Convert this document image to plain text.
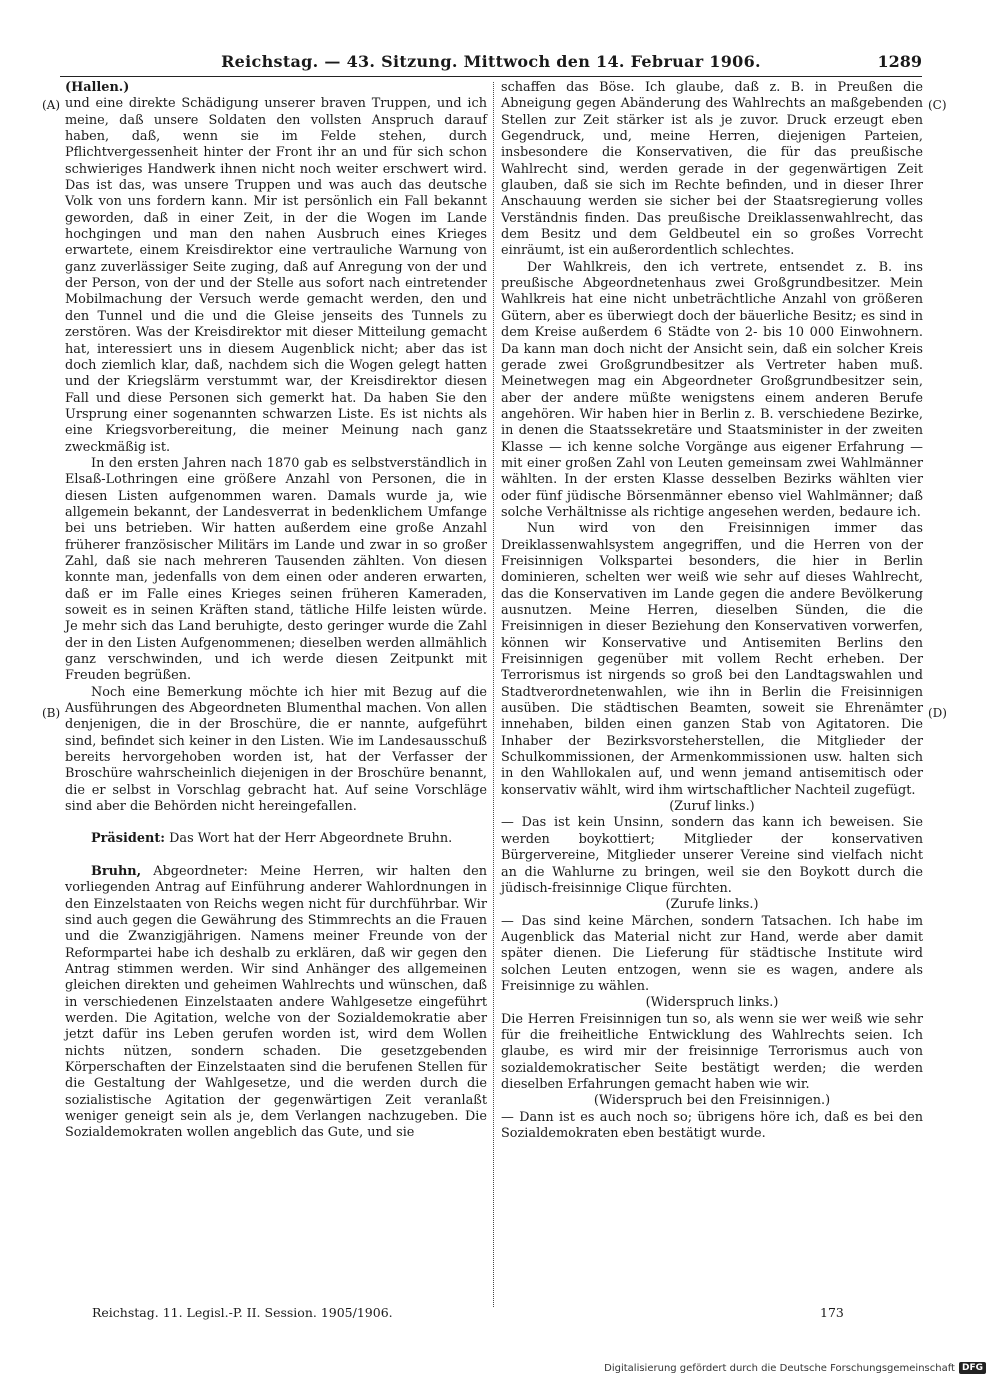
Reichstag. — 43. Sitzung. Mittwoch den 14. Februar 1906.	1289
(A)
(B)
(C)
(D)

(Hallen.)

und eine direkte Schädigung unserer braven Truppen, und ich meine, daß unsere Soldaten den vollsten Anspruch darauf haben, daß, wenn sie im Felde stehen, durch Pflichtvergessenheit hinter der Front ihr an und für sich schon schwieriges Handwerk ihnen nicht noch weiter erschwert wird. Das ist das, was unsere Truppen und was auch das deutsche Volk von uns fordern kann. Mir ist persönlich ein Fall bekannt geworden, daß in einer Zeit, in der die Wogen im Lande hochgingen und man den nahen Ausbruch eines Krieges erwartete, einem Kreisdirektor eine vertrauliche Warnung von ganz zuverlässiger Seite zuging, daß auf Anregung von der und der Person, von der und der Stelle aus sofort nach eintretender Mobilmachung der Versuch werde gemacht werden, den und den Tunnel und die und die Gleise jenseits des Tunnels zu zerstören. Was der Kreisdirektor mit dieser Mitteilung gemacht hat, interessiert uns in diesem Augenblick nicht; aber das ist doch ziemlich klar, daß, nachdem sich die Wogen gelegt hatten und der Kriegslärm verstummt war, der Kreisdirektor diesen Fall und diese Personen sich gemerkt hat. Da haben Sie den Ursprung einer sogenannten schwarzen Liste. Es ist nichts als eine Kriegsvorbereitung, die meiner Meinung nach ganz zweckmäßig ist.

In den ersten Jahren nach 1870 gab es selbstverständlich in Elsaß-Lothringen eine größere Anzahl von Personen, die in diesen Listen aufgenommen waren. Damals wurde ja, wie allgemein bekannt, der Landesverrat in bedenklichem Umfange bei uns betrieben. Wir hatten außerdem eine große Anzahl früherer französischer Militärs im Lande und zwar in so großer Zahl, daß sie nach mehreren Tausenden zählten. Von diesen konnte man, jedenfalls von dem einen oder anderen erwarten, daß er im Falle eines Krieges seinen früheren Kameraden, soweit es in seinen Kräften stand, tätliche Hilfe leisten würde. Je mehr sich das Land beruhigte, desto geringer wurde die Zahl der in den Listen Aufgenommenen; dieselben werden allmählich ganz verschwinden, und ich werde diesen Zeitpunkt mit Freuden begrüßen.

Noch eine Bemerkung möchte ich hier mit Bezug auf die Ausführungen des Abgeordneten Blumenthal machen. Von allen denjenigen, die in der Broschüre, die er nannte, aufgeführt sind, befindet sich keiner in den Listen. Wie im Landesausschuß bereits hervorgehoben worden ist, hat der Verfasser der Broschüre wahrscheinlich diejenigen in der Broschüre benannt, die er selbst in Vorschlag gebracht hat. Auf seine Vorschläge sind aber die Behörden nicht hereingefallen.

Präsident: Das Wort hat der Herr Abgeordnete Bruhn.

Bruhn, Abgeordneter: Meine Herren, wir halten den vorliegenden Antrag auf Einführung anderer Wahlordnungen in den Einzelstaaten von Reichs wegen nicht für durchführbar. Wir sind auch gegen die Gewährung des Stimmrechts an die Frauen und die Zwanzigjährigen. Namens meiner Freunde von der Reformpartei habe ich deshalb zu erklären, daß wir gegen den Antrag stimmen werden. Wir sind Anhänger des allgemeinen gleichen direkten und geheimen Wahlrechts und wünschen, daß in verschiedenen Einzelstaaten andere Wahlgesetze eingeführt werden. Die Agitation, welche von der Sozialdemokratie aber jetzt dafür ins Leben gerufen worden ist, wird dem Wollen nichts nützen, sondern schaden. Die gesetzgebenden Körperschaften der Einzelstaaten sind die berufenen Stellen für die Gestaltung der Wahlgesetze, und die werden durch die sozialistische Agitation der gegenwärtigen Zeit veranlaßt weniger geneigt sein als je, dem Verlangen nachzugeben. Die Sozialdemokraten wollen angeblich das Gute, und sie

schaffen das Böse. Ich glaube, daß z. B. in Preußen die Abneigung gegen Abänderung des Wahlrechts an maßgebenden Stellen zur Zeit stärker ist als je zuvor. Druck erzeugt eben Gegendruck, und, meine Herren, diejenigen Parteien, insbesondere die Konservativen, die für das preußische Wahlrecht sind, werden gerade in der gegenwärtigen Zeit glauben, daß sie sich im Rechte befinden, und in dieser Ihrer Anschauung werden sie sicher bei der Staatsregierung volles Verständnis finden. Das preußische Dreiklassenwahlrecht, das dem Besitz und dem Geldbeutel ein so großes Vorrecht einräumt, ist ein außerordentlich schlechtes.

Der Wahlkreis, den ich vertrete, entsendet z. B. ins preußische Abgeordnetenhaus zwei Großgrundbesitzer. Mein Wahlkreis hat eine nicht unbeträchtliche Anzahl von größeren Gütern, aber es überwiegt doch der bäuerliche Besitz; es sind in dem Kreise außerdem 6 Städte von 2- bis 10 000 Einwohnern. Da kann man doch nicht der Ansicht sein, daß ein solcher Kreis gerade zwei Großgrundbesitzer als Vertreter haben muß. Meinetwegen mag ein Abgeordneter Großgrundbesitzer sein, aber der andere müßte wenigstens einem anderen Berufe angehören. Wir haben hier in Berlin z. B. verschiedene Bezirke, in denen die Staatssekretäre und Staatsminister in der zweiten Klasse — ich kenne solche Vorgänge aus eigener Erfahrung — mit einer großen Zahl von Leuten gemeinsam zwei Wahlmänner wählten. In der ersten Klasse desselben Bezirks wählten vier oder fünf jüdische Börsenmänner ebenso viel Wahlmänner; daß solche Verhältnisse als richtige angesehen werden, bedaure ich.

Nun wird von den Freisinnigen immer das Dreiklassenwahlsystem angegriffen, und die Herren von der Freisinnigen Volkspartei besonders, die hier in Berlin dominieren, schelten wer weiß wie sehr auf dieses Wahlrecht, das die Konservativen im Lande gegen die andere Bevölkerung ausnutzen. Meine Herren, dieselben Sünden, die die Freisinnigen in dieser Beziehung den Konservativen vorwerfen, können wir Konservative und Antisemiten Berlins den Freisinnigen gegenüber mit vollem Recht erheben. Der Terrorismus ist nirgends so groß bei den Landtagswahlen und Stadtverordnetenwahlen, wie ihn in Berlin die Freisinnigen ausüben. Die städtischen Beamten, soweit sie Ehrenämter innehaben, bilden einen ganzen Stab von Agitatoren. Die Inhaber der Bezirksvorsteherstellen, die Mitglieder der Schulkommissionen, der Armenkommissionen usw. halten sich in den Wahllokalen auf, und wenn jemand antisemitisch oder konservativ wählt, wird ihm wirtschaftlicher Nachteil zugefügt.

(Zuruf links.)

— Das ist kein Unsinn, sondern das kann ich beweisen. Sie werden boykottiert; Mitglieder der konservativen Bürgervereine, Mitglieder unserer Vereine sind vielfach nicht an die Wahlurne zu bringen, weil sie den Boykott durch die jüdisch-freisinnige Clique fürchten.

(Zurufe links.)

— Das sind keine Märchen, sondern Tatsachen. Ich habe im Augenblick das Material nicht zur Hand, werde aber damit später dienen. Die Lieferung für städtische Institute wird solchen Leuten entzogen, wenn sie es wagen, andere als Freisinnige zu wählen.

(Widerspruch links.)

Die Herren Freisinnigen tun so, als wenn sie wer weiß wie sehr für die freiheitliche Entwicklung des Wahlrechts seien. Ich glaube, es wird mir der freisinnige Terrorismus auch von sozialdemokratischer Seite bestätigt werden; die werden dieselben Erfahrungen gemacht haben wie wir.

(Widerspruch bei den Freisinnigen.)

— Dann ist es auch noch so; übrigens höre ich, daß es bei den Sozialdemokraten eben bestätigt wurde.

Reichstag. 11. Legisl.-P. II. Session. 1905/1906.	173
Digitalisierung gefördert durch die Deutsche Forschungsgemeinschaft DFG
